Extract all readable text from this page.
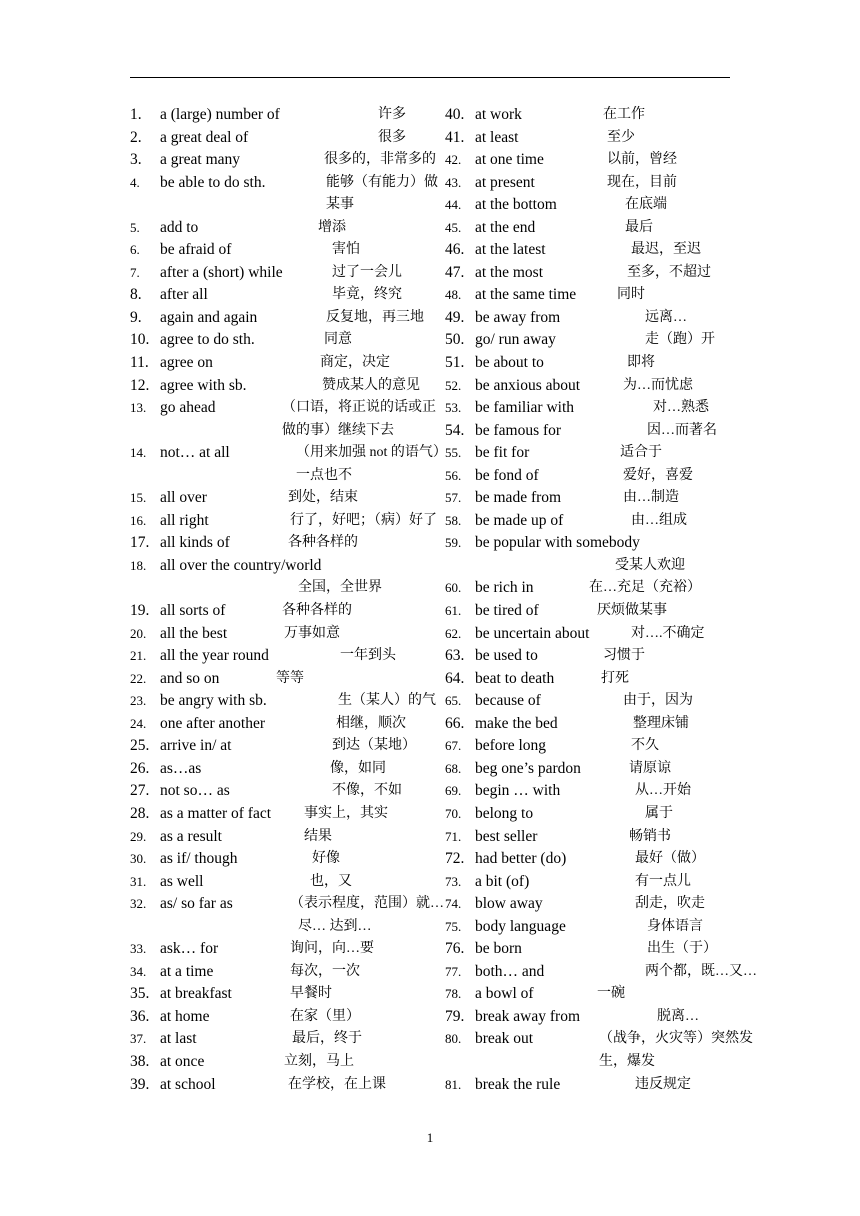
1.	a (large) number of	许多
2.	a great deal of	很多
3.	a great many	很多的，非常多的
4.	be able to do sth.	能够（有能力）做
某事
5.	add to	增添
6.	be afraid of	害怕
7.	after a (short) while	过了一会儿
8.	after all	毕竟，终究
9.	again and again	反复地，再三地
10. agree to do sth.	同意
11. agree on	商定，决定
12. agree with sb.	赞成某人的意见
13. go ahead	（口语，将正说的话或正
做的事）继续下去
14. not… at all	（用来加强 not 的语气）
一点也不
15. all over	到处，结束
16. all right	行了，好吧；（病）好了
17. all kinds of	各种各样的
18. all over the country/world
全国，全世界
19. all sorts of	各种各样的
20. all the best	万事如意
21. all the year round	一年到头
22. and so on	等等
23. be angry with sb.	生（某人）的气
24. one after another	相继，顺次
25. arrive in/ at	到达（某地）
26. as…as	像，如同
27. not so… as	不像，不如
28. as a matter of fact 事实上，其实
29. as a result	结果
30. as if/ though	好像
31. as well	也，又
32. as/ so far as	（表示程度，范围）就…
尽… 达到…
33. ask… for	询问，向…要
34. at a time	每次，一次
35. at breakfast	早餐时
36. at home	在家（里）
37. at last	最后，终于
38. at once	立刻，马上
39. at school	在学校，在上课
40. at work	在工作
41. at least	至少
42. at one time	以前，曾经
43. at present	现在，目前
44. at the bottom	在底端
45. at the end	最后
46. at the latest	最迟，至迟
47. at the most	至多，不超过
48. at the same time	同时
49. be away from	远离…
50. go/ run away	走（跑）开
51. be about to	即将
52. be anxious about	为…而忧虑
53. be familiar with	对…熟悉
54. be famous for	因…而著名
55. be fit for	适合于
56. be fond of	爱好，喜爱
57. be made from	由…制造
58. be made up of	由…组成
59. be popular with somebody
受某人欢迎
60. be rich in	在…充足（充裕）
61. be tired of	厌烦做某事
62. be uncertain about	对….不确定
63. be used to	习惯于
64. beat to death	打死
65. because of	由于，因为
66. make the bed	整理床铺
67. before long	不久
68. beg one’s pardon	请原谅
69. begin … with	从…开始
70. belong to	属于
71. best seller	畅销书
72. had better (do)	最好（做）
73. a bit (of)	有一点儿
74. blow away	刮走，吹走
75. body language	身体语言
76. be born	出生（于）
77. both… and	两个都，既…又…
78. a bowl of	一碗
79. break away from	脱离…
80. break out	（战争，火灾等）突然发
生，爆发
81. break the rule	违反规定
1
